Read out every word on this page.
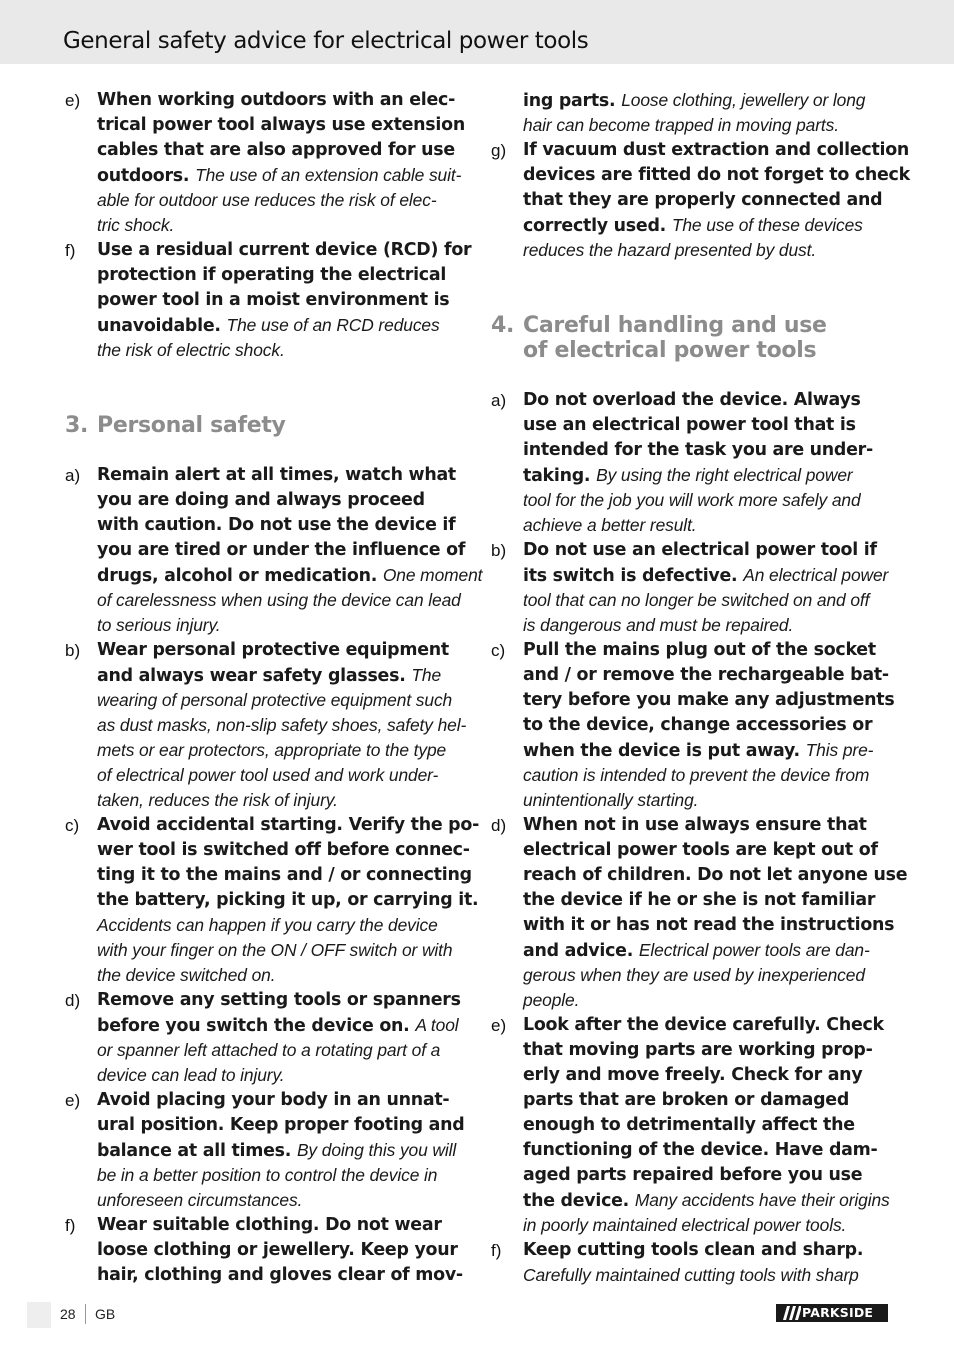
General safety advice for electrical power tools
e) When working outdoors with an elec-
trical power tool always use extension
cables that are also approved for use
outdoors. The use of an extension cable suit-
able for outdoor use reduces the risk of elec-
tric shock.
f) Use a residual current device (RCD) for
protection if operating the electrical
power tool in a moist environment is
unavoidable. The use of an RCD reduces
the risk of electric shock.
3. Personal safety
a) Remain alert at all times, watch what
you are doing and always proceed
with caution. Do not use the device if
you are tired or under the influence of
drugs, alcohol or medication. One moment
of carelessness when using the device can lead
to serious injury.
b) Wear personal protective equipment
and always wear safety glasses. The
wearing of personal protective equipment such
as dust masks, non-slip safety shoes, safety hel-
mets or ear protectors, appropriate to the type
of electrical power tool used and work under-
taken, reduces the risk of injury.
c) Avoid accidental starting. Verify the po-
wer tool is switched off before connec-
ting it to the mains and / or connecting
the battery, picking it up, or carrying it.
Accidents can happen if you carry the device
with your finger on the ON / OFF switch or with
the device switched on.
d) Remove any setting tools or spanners
before you switch the device on. A tool
or spanner left attached to a rotating part of a
device can lead to injury.
e) Avoid placing your body in an unnat-
ural position. Keep proper footing and
balance at all times. By doing this you will
be in a better position to control the device in
unforeseen circumstances.
f) Wear suitable clothing. Do not wear
loose clothing or jewellery. Keep your
hair, clothing and gloves clear of mov-
ing parts. Loose clothing, jewellery or long
hair can become trapped in moving parts.
g) If vacuum dust extraction and collection
devices are fitted do not forget to check
that they are properly connected and
correctly used. The use of these devices
reduces the hazard presented by dust.
4. Careful handling and use
of electrical power tools
a) Do not overload the device. Always
use an electrical power tool that is
intended for the task you are under-
taking. By using the right electrical power
tool for the job you will work more safely and
achieve a better result.
b) Do not use an electrical power tool if
its switch is defective. An electrical power
tool that can no longer be switched on and off
is dangerous and must be repaired.
c) Pull the mains plug out of the socket
and / or remove the rechargeable bat-
tery before you make any adjustments
to the device, change accessories or
when the device is put away. This pre-
caution is intended to prevent the device from
unintentionally starting.
d) When not in use always ensure that
electrical power tools are kept out of
reach of children. Do not let anyone use
the device if he or she is not familiar
with it or has not read the instructions
and advice. Electrical power tools are dan-
gerous when they are used by inexperienced
people.
e) Look after the device carefully. Check
that moving parts are working prop-
erly and move freely. Check for any
parts that are broken or damaged
enough to detrimentally affect the
functioning of the device. Have dam-
aged parts repaired before you use
the device. Many accidents have their origins
in poorly maintained electrical power tools.
f) Keep cutting tools clean and sharp.
Carefully maintained cutting tools with sharp
28 GB	PARKSIDE
